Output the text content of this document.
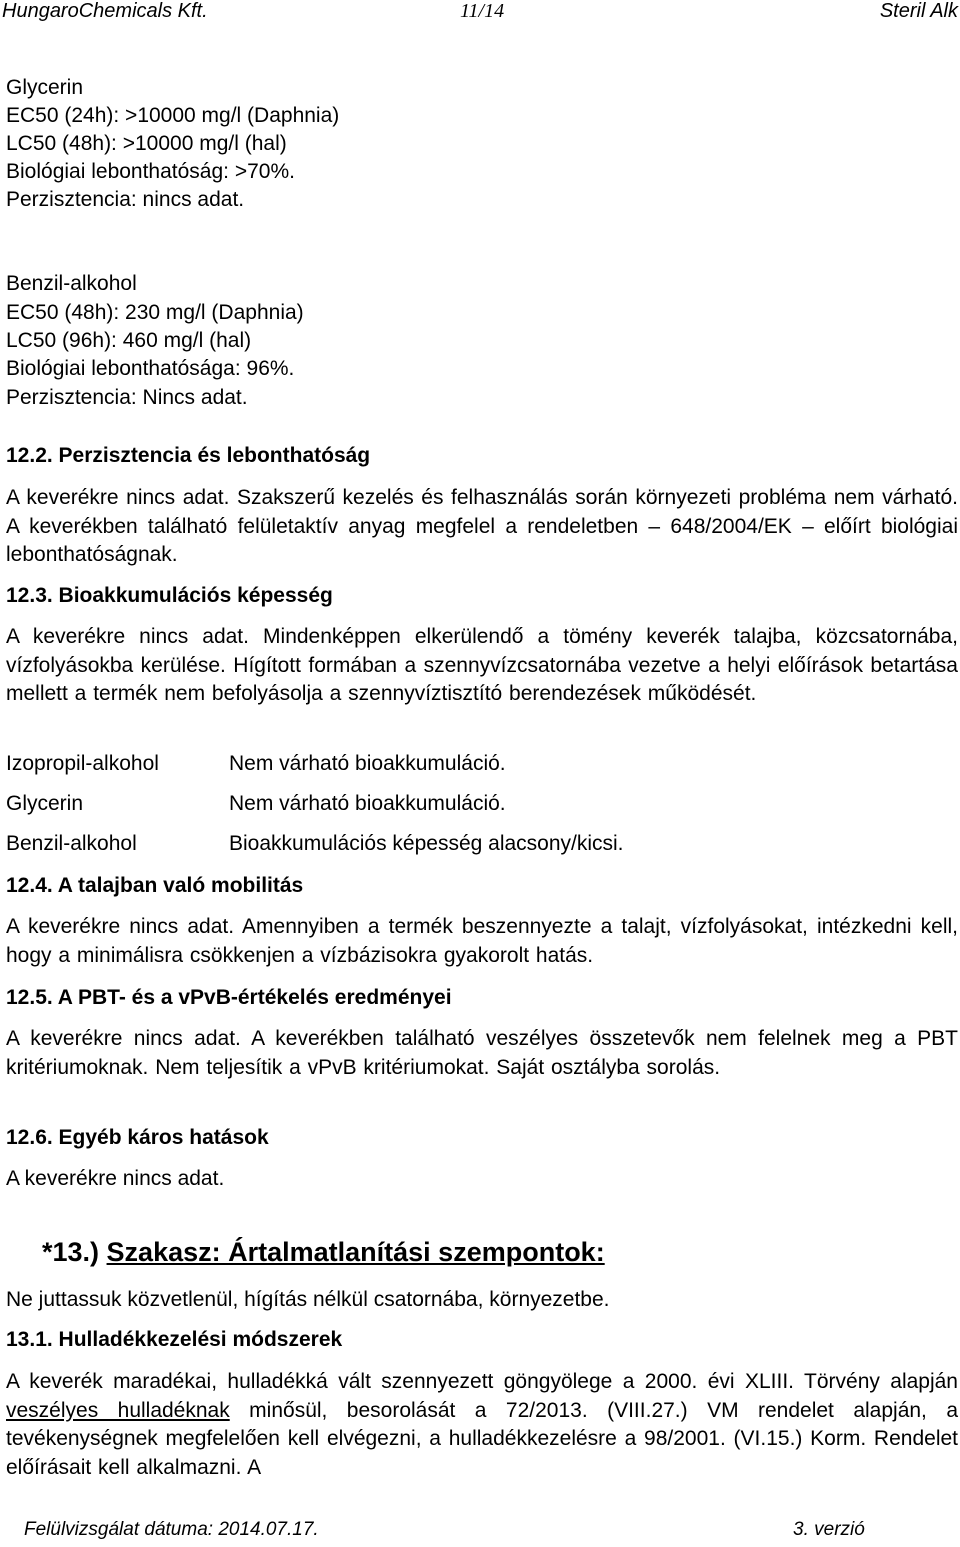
HungaroChemicals Kft.	11/14	Steril Alk
Glycerin
EC50 (24h): >10000 mg/l (Daphnia)
LC50 (48h): >10000 mg/l (hal)
Biológiai lebonthatóság: >70%.
Perzisztencia: nincs adat.
Benzil-alkohol
EC50 (48h): 230 mg/l (Daphnia)
LC50 (96h): 460 mg/l (hal)
Biológiai lebonthatósága: 96%.
Perzisztencia: Nincs adat.
12.2. Perzisztencia és lebonthatóság
A keverékre nincs adat. Szakszerű kezelés és felhasználás során környezeti probléma nem várható. A keverékben található felületaktív anyag megfelel a rendeletben – 648/2004/EK – előírt biológiai lebonthatóságnak.
12.3. Bioakkumulációs képesség
A keverékre nincs adat. Mindenképpen elkerülendő a tömény keverék talajba, közcsatornába, vízfolyásokba kerülése. Hígított formában a szennyvízcsatornába vezetve a helyi előírások betartása mellett a termék nem befolyásolja a szennyvíztisztító berendezések működését.
Izopropil-alkohol	Nem várható bioakkumuláció.
Glycerin	Nem várható bioakkumuláció.
Benzil-alkohol	Bioakkumulációs képesség alacsony/kicsi.
12.4. A talajban való mobilitás
A keverékre nincs adat. Amennyiben a termék beszennyezte a talajt, vízfolyásokat, intézkedni kell, hogy a minimálisra csökkenjen a vízbázisokra gyakorolt hatás.
12.5. A PBT- és a vPvB-értékelés eredményei
A keverékre nincs adat. A keverékben található veszélyes összetevők nem felelnek meg a PBT kritériumoknak. Nem teljesítik a vPvB kritériumokat. Saját osztályba sorolás.
12.6. Egyéb káros hatások
A keverékre nincs adat.
*13.) Szakasz: Ártalmatlanítási szempontok:
Ne juttassuk közvetlenül, hígítás nélkül csatornába, környezetbe.
13.1. Hulladékkezelési módszerek
A keverék maradékai, hulladékká vált szennyezett göngyölege a 2000. évi XLIII. Törvény alapján veszélyes hulladéknak minősül, besorolását a 72/2013. (VIII.27.) VM rendelet alapján, a tevékenységnek megfelelően kell elvégezni, a hulladékkezelésre a 98/2001. (VI.15.) Korm. Rendelet előírásait kell alkalmazni. A
Felülvizsgálat dátuma: 2014.07.17.	3. verzió
